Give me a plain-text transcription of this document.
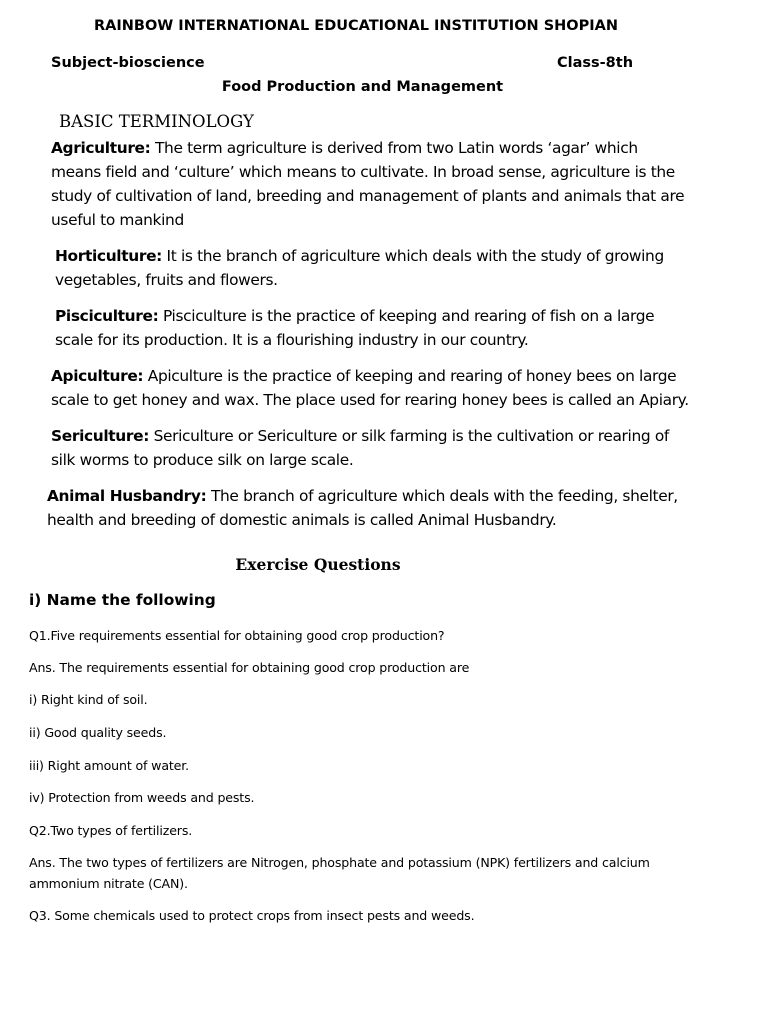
RAINBOW INTERNATIONAL EDUCATIONAL INSTITUTION SHOPIAN
Subject-bioscience	Class-8th
Food Production and Management
BASIC TERMINOLOGY

Agriculture: The term agriculture is derived from two Latin words ‘agar’ which means field and ‘culture’ which means to cultivate. In broad sense, agriculture is the study of cultivation of land, breeding and management of plants and animals that are useful to mankind

Horticulture: It is the branch of agriculture which deals with the study of growing vegetables, fruits and flowers.

Pisciculture: Pisciculture is the practice of keeping and rearing of fish on a large scale for its production. It is a flourishing industry in our country.

Apiculture: Apiculture is the practice of keeping and rearing of honey bees on large scale to get honey and wax. The place used for rearing honey bees is called an Apiary.

Sericulture: Sericulture or Sericulture or silk farming is the cultivation or rearing of silk worms to produce silk on large scale.

Animal Husbandry: The branch of agriculture which deals with the feeding, shelter, health and breeding of domestic animals is called Animal Husbandry.

Exercise Questions
i) Name the following
Q1.Five requirements essential for obtaining good crop production?
Ans. The requirements essential for obtaining good crop production are
i) Right kind of soil.
ii) Good quality seeds.
iii) Right amount of water.
iv) Protection from weeds and pests.
Q2.Two types of fertilizers.
Ans. The two types of fertilizers are Nitrogen, phosphate and potassium (NPK) fertilizers and calcium ammonium nitrate (CAN).
Q3. Some chemicals used to protect crops from insect pests and weeds.
